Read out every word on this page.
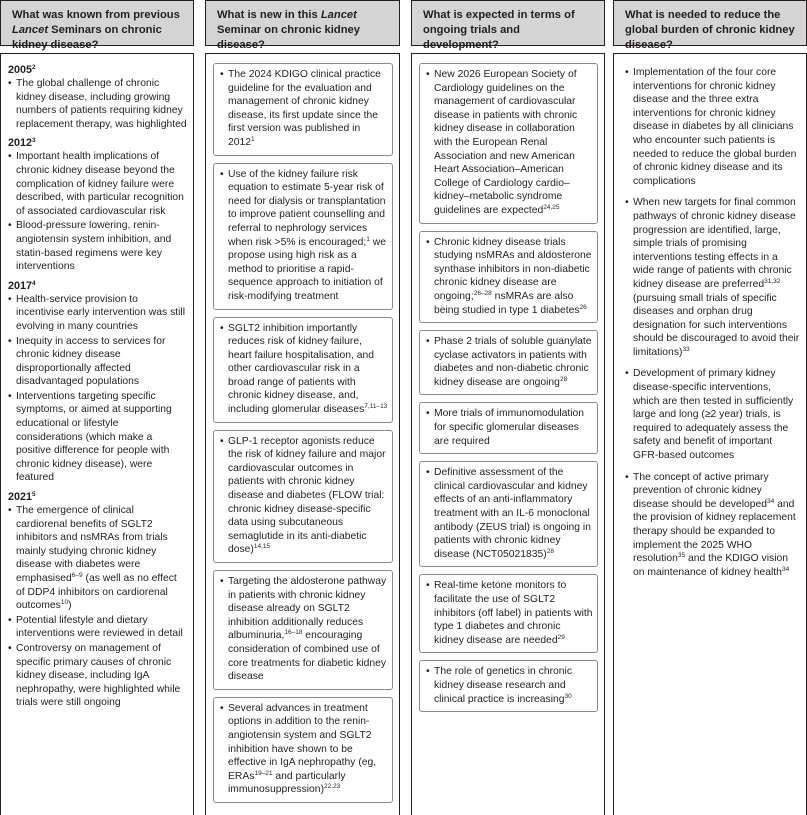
What was known from previous
Lancet Seminars on chronic kidney disease?
2005$^2$
• The global challenge of chronic kidney disease, including growing numbers of patients requiring kidney replacement therapy, was highlighted
2012$^3$
• Important health implications of chronic kidney disease beyond the complication of kidney failure were described, with particular recognition of associated cardiovascular risk
• Blood-pressure lowering, renin-angiotensin system inhibition, and statin-based regimens were key interventions
2017$^4$
• Health-service provision to incentivise early intervention was still evolving in many countries
• Inequity in access to services for chronic kidney disease disproportionally affected disadvantaged populations
• Interventions targeting specific symptoms, or aimed at supporting educational or lifestyle considerations (which make a positive difference for people with chronic kidney disease), were featured
2021$^5$
• The emergence of clinical cardiorenal benefits of SGLT2 inhibitors and nsMRAs from trials mainly studying chronic kidney disease with diabetes were emphasised$^{6-9}$ (as well as no effect of DDP4 inhibitors on cardiorenal outcomes$^{10}$)
• Potential lifestyle and dietary interventions were reviewed in detail
• Controversy on management of specific primary causes of chronic kidney disease, including IgA nephropathy, were highlighted while trials were still ongoing
What is new in this Lancet Seminar on chronic kidney disease?
• The 2024 KDIGO clinical practice guideline for the evaluation and management of chronic kidney disease, its first update since the first version was published in 2012$^1$
• Use of the kidney failure risk equation to estimate 5-year risk of need for dialysis or transplantation to improve patient counselling and referral to nephrology services when risk >5% is encouraged;$^1$ we propose using high risk as a method to prioritise a rapid-sequence approach to initiation of risk-modifying treatment
• SGLT2 inhibition importantly reduces risk of kidney failure, heart failure hospitalisation, and other cardiovascular risk in a broad range of patients with chronic kidney disease, and, including glomerular diseases$^{7,11-13}$
• GLP-1 receptor agonists reduce the risk of kidney failure and major cardiovascular outcomes in patients with chronic kidney disease and diabetes (FLOW trial: chronic kidney disease-specific data using subcutaneous semaglutide in its anti-diabetic dose)$^{14,15}$
• Targeting the aldosterone pathway in patients with chronic kidney disease already on SGLT2 inhibition additionally reduces albuminuria,$^{16-18}$ encouraging consideration of combined use of core treatments for diabetic kidney disease
• Several advances in treatment options in addition to the renin-angiotensin system and SGLT2 inhibition have shown to be effective in IgA nephropathy (eg, ERAs$^{19-21}$ and particularly immunosuppression)$^{22,23}$
What is expected in terms of ongoing trials and development?
• New 2026 European Society of Cardiology guidelines on the management of cardiovascular disease in patients with chronic kidney disease in collaboration with the European Renal Association and new American Heart Association–American College of Cardiology cardio–kidney–metabolic syndrome guidelines are expected$^{24,25}$
• Chronic kidney disease trials studying nsMRAs and aldosterone synthase inhibitors in non-diabetic chronic kidney disease are ongoing;$^{26-28}$ nsMRAs are also being studied in type 1 diabetes$^{26}$
• Phase 2 trials of soluble guanylate cyclase activators in patients with diabetes and non-diabetic chronic kidney disease are ongoing$^{28}$
• More trials of immunomodulation for specific glomerular diseases are required
• Definitive assessment of the clinical cardiovascular and kidney effects of an anti-inflammatory treatment with an IL-6 monoclonal antibody (ZEUS trial) is ongoing in patients with chronic kidney disease $(NCT05021835)^{28}$
• Real-time ketone monitors to facilitate the use of SGLT2 inhibitors (off label) in patients with type 1 diabetes and chronic kidney disease are needed$^{29}$
• The role of genetics in chronic kidney disease research and clinical practice is increasing$^{30}$
What is needed to reduce the global burden of chronic kidney disease?
• Implementation of the four core interventions for chronic kidney disease and the three extra interventions for chronic kidney disease in diabetes by all clinicians who encounter such patients is needed to reduce the global burden of chronic kidney disease and its complications
• When new targets for final common pathways of chronic kidney disease progression are identified, large, simple trials of promising interventions testing effects in a wide range of patients with chronic kidney disease are preferred$^{31,32}$ (pursuing small trials of specific diseases and orphan drug designation for such interventions should be discouraged to avoid their limitations)$^{33}$
• Development of primary kidney disease-specific interventions, which are then tested in sufficiently large and long (≥2 year) trials, is required to adequately assess the safety and benefit of important GFR-based outcomes
• The concept of active primary prevention of chronic kidney disease should be developed$^{34}$ and the provision of kidney replacement therapy should be expanded to implement the 2025 WHO resolution$^{35}$ and the KDIGO vision on maintenance of kidney health$^{34}$
